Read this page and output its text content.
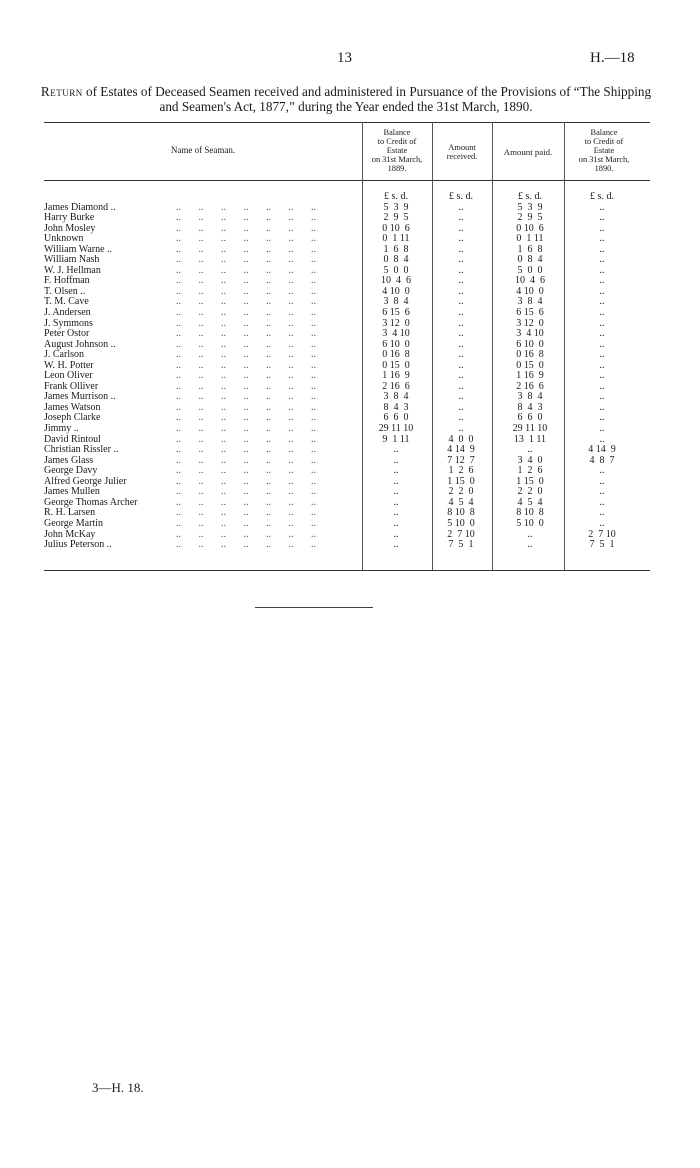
13	H.—18
Return of Estates of Deceased Seamen received and administered in Pursuance of the Provisions of “The Shipping and Seamen's Act, 1877,” during the Year ended the 31st March, 1890.
Name of Seaman.
Balance
to Credit of
Estate
on 31st March,
1889.
Amount
received.	Amount paid.
Balance
to Credit of
Estate
on 31st March,
1890.
£ s. d.	£ s. d.	£ s. d.	£ s. d.
James Diamond ..	..       ..       ..       ..       ..       ..       ..	5  3  9	..	5  3  9	..
Harry Burke	..       ..       ..       ..       ..       ..       ..	2  9  5	..	2  9  5	..
John Mosley	..       ..       ..       ..       ..       ..       ..	0 10  6	..	0 10  6	..
Unknown	..       ..       ..       ..       ..       ..       ..	0  1 11	..	0  1 11	..
William Warne ..	..       ..       ..       ..       ..       ..       ..	1  6  8	..	1  6  8	..
William Nash	..       ..       ..       ..       ..       ..       ..	0  8  4	..	0  8  4	..
W. J. Hellman	..       ..       ..       ..       ..       ..       ..	5  0  0	..	5  0  0	..
F. Hoffman	..       ..       ..       ..       ..       ..       ..	10  4  6	..	10  4  6	..
T. Olsen ..	..       ..       ..       ..       ..       ..       ..	4 10  0	..	4 10  0	..
T. M. Cave	..       ..       ..       ..       ..       ..       ..	3  8  4	..	3  8  4	..
J. Andersen	..       ..       ..       ..       ..       ..       ..	6 15  6	..	6 15  6	..
J. Symmons	..       ..       ..       ..       ..       ..       ..	3 12  0	..	3 12  0	..
Peter Ostor	..       ..       ..       ..       ..       ..       ..	3  4 10	..	3  4 10	..
August Johnson ..	..       ..       ..       ..       ..       ..       ..	6 10  0	..	6 10  0	..
J. Carlson	..       ..       ..       ..       ..       ..       ..	0 16  8	..	0 16  8	..
W. H. Potter	..       ..       ..       ..       ..       ..       ..	0 15  0	..	0 15  0	..
Leon Oliver	..       ..       ..       ..       ..       ..       ..	1 16  9	..	1 16  9	..
Frank Olliver	..       ..       ..       ..       ..       ..       ..	2 16  6	..	2 16  6	..
James Murrison ..	..       ..       ..       ..       ..       ..       ..	3  8  4	..	3  8  4	..
James Watson	..       ..       ..       ..       ..       ..       ..	8  4  3	..	8  4  3	..
Joseph Clarke	..       ..       ..       ..       ..       ..       ..	6  6  0	..	6  6  0	..
Jimmy ..	..       ..       ..       ..       ..       ..       ..	29 11 10	..	29 11 10	..
David Rintoul	..       ..       ..       ..       ..       ..       ..	9  1 11	4  0  0	13  1 11	..
Christian Rissler ..	..       ..       ..       ..       ..       ..       ..	..	4 14  9	..	4 14  9
James Glass	..       ..       ..       ..       ..       ..       ..	..	7 12  7	3  4  0	4  8  7
George Davy	..       ..       ..       ..       ..       ..       ..	..	1  2  6	1  2  6	..
Alfred George Julier	..       ..       ..       ..       ..       ..       ..	..	1 15  0	1 15  0	..
James Mullen	..       ..       ..       ..       ..       ..       ..	..	2  2  0	2  2  0	..
George Thomas Archer	..       ..       ..       ..       ..       ..       ..	..	4  5  4	4  5  4	..
R. H. Larsen	..       ..       ..       ..       ..       ..       ..	..	8 10  8	8 10  8	..
George Martin	..       ..       ..       ..       ..       ..       ..	..	5 10  0	5 10  0	..
John McKay	..       ..       ..       ..       ..       ..       ..	..	2  7 10	..	2  7 10
Julius Peterson ..	..       ..       ..       ..       ..       ..       ..	..	7  5  1	..	7  5  1
3—H. 18.
